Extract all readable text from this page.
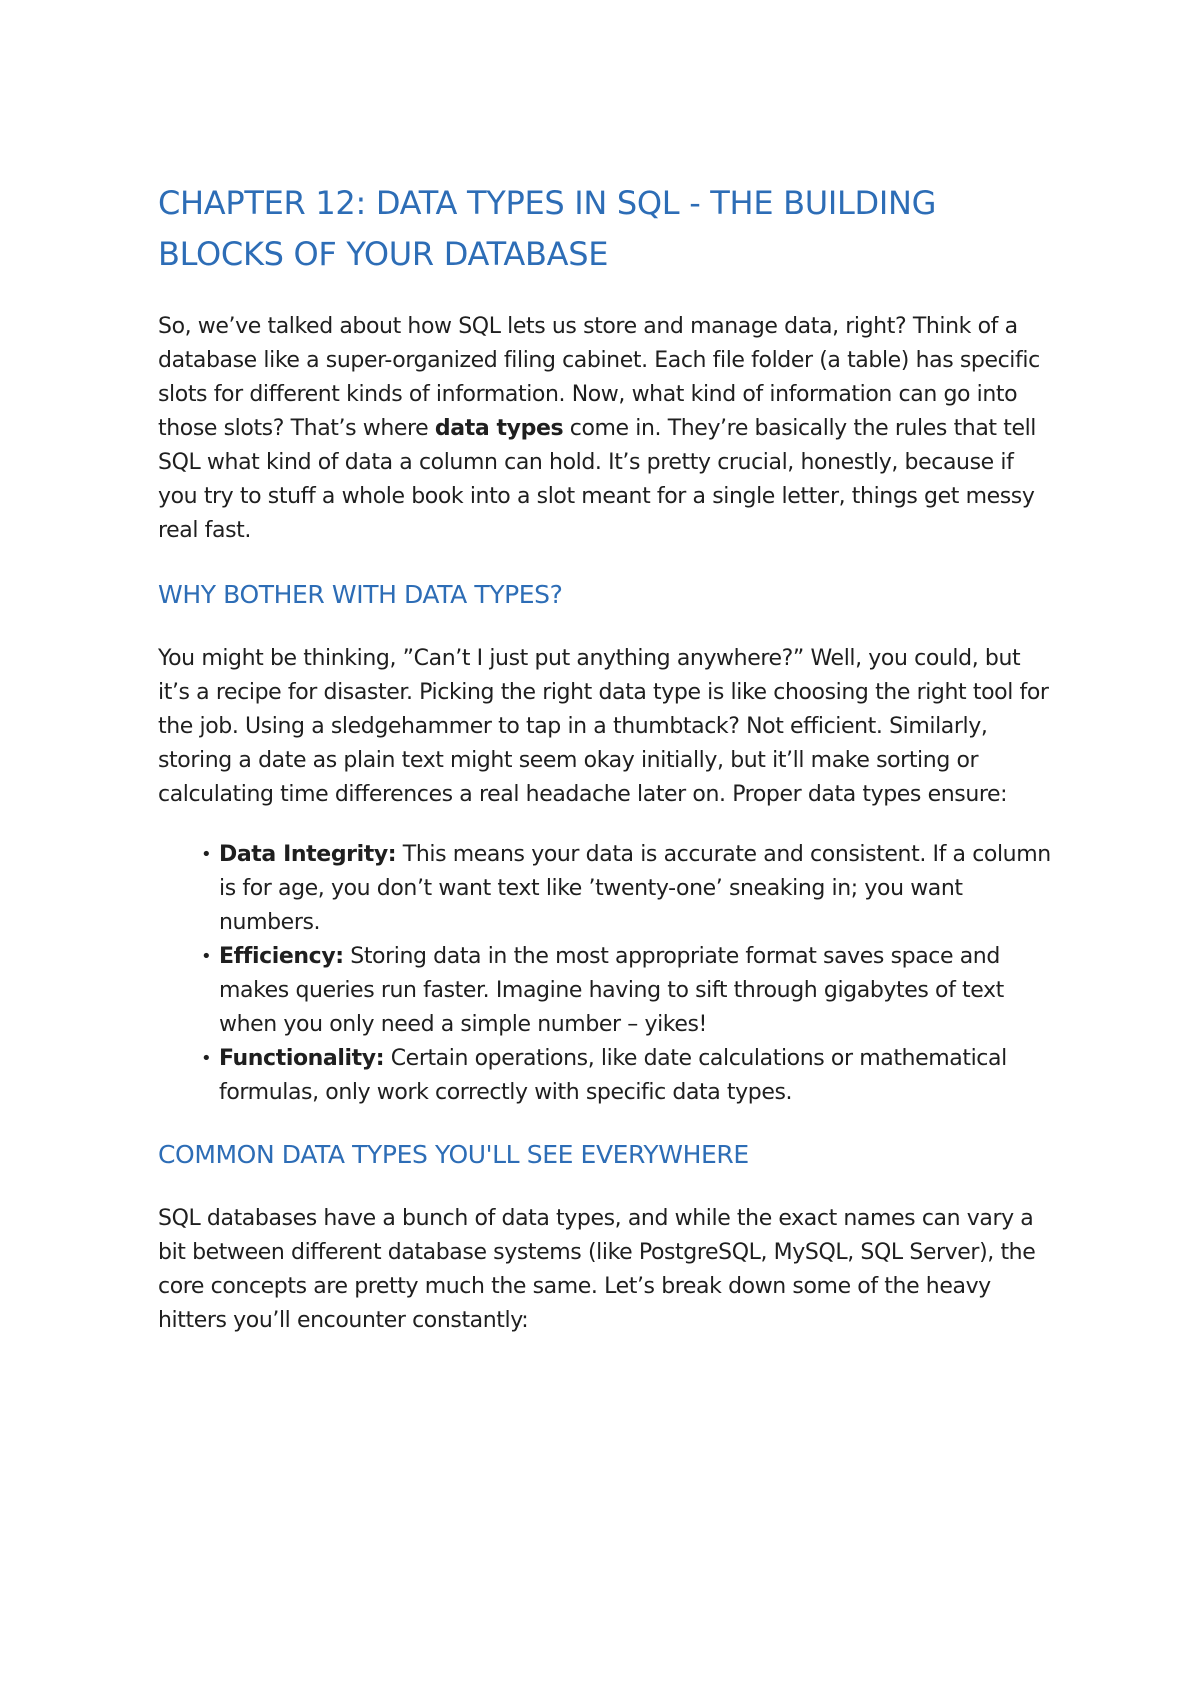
CHAPTER 12: DATA TYPES IN SQL - THE BUILDING BLOCKS OF YOUR DATABASE

So, we’ve talked about how SQL lets us store and manage data, right? Think of a database like a super-organized filing cabinet. Each file folder (a table) has specific slots for different kinds of information. Now, what kind of information can go into those slots? That’s where data types come in. They’re basically the rules that tell SQL what kind of data a column can hold. It’s pretty crucial, honestly, because if you try to stuff a whole book into a slot meant for a single letter, things get messy real fast.

WHY BOTHER WITH DATA TYPES?

You might be thinking, ”Can’t I just put anything anywhere?” Well, you could, but it’s a recipe for disaster. Picking the right data type is like choosing the right tool for the job. Using a sledgehammer to tap in a thumbtack? Not efficient. Similarly, storing a date as plain text might seem okay initially, but it’ll make sorting or calculating time differences a real headache later on. Proper data types ensure:

• Data Integrity: This means your data is accurate and consistent. If a column is for age, you don’t want text like ’twenty-one’ sneaking in; you want numbers.
• Efficiency: Storing data in the most appropriate format saves space and makes queries run faster. Imagine having to sift through gigabytes of text when you only need a simple number – yikes!
• Functionality: Certain operations, like date calculations or mathematical formulas, only work correctly with specific data types.
COMMON DATA TYPES YOU'LL SEE EVERYWHERE

SQL databases have a bunch of data types, and while the exact names can vary a bit between different database systems (like PostgreSQL, MySQL, SQL Server), the core concepts are pretty much the same. Let’s break down some of the heavy hitters you’ll encounter constantly:
